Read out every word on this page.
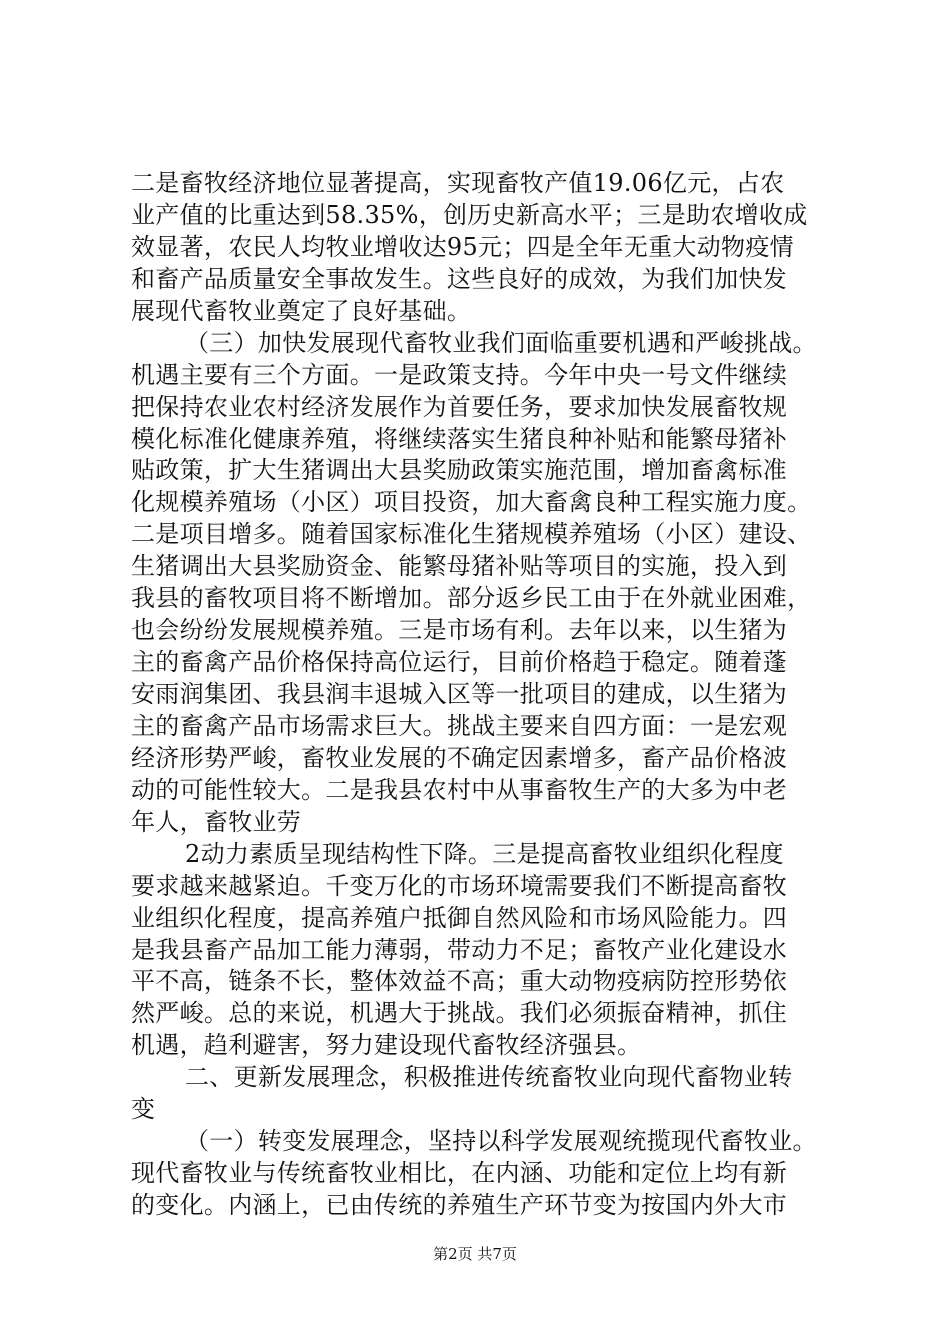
二是畜牧经济地位显著提高，实现畜牧产值19.06亿元，占农
业产值的比重达到58.35%，创历史新高水平；三是助农增收成
效显著，农民人均牧业增收达95元；四是全年无重大动物疫情
和畜产品质量安全事故发生。这些良好的成效，为我们加快发
展现代畜牧业奠定了良好基础。
（三）加快发展现代畜牧业我们面临重要机遇和严峻挑战。
机遇主要有三个方面。一是政策支持。今年中央一号文件继续
把保持农业农村经济发展作为首要任务，要求加快发展畜牧规
模化标准化健康养殖，将继续落实生猪良种补贴和能繁母猪补
贴政策，扩大生猪调出大县奖励政策实施范围，增加畜禽标准
化规模养殖场（小区）项目投资，加大畜禽良种工程实施力度。
二是项目增多。随着国家标准化生猪规模养殖场（小区）建设、
生猪调出大县奖励资金、能繁母猪补贴等项目的实施，投入到
我县的畜牧项目将不断增加。部分返乡民工由于在外就业困难，
也会纷纷发展规模养殖。三是市场有利。去年以来，以生猪为
主的畜禽产品价格保持高位运行，目前价格趋于稳定。随着蓬
安雨润集团、我县润丰退城入区等一批项目的建成，以生猪为
主的畜禽产品市场需求巨大。挑战主要来自四方面：一是宏观
经济形势严峻，畜牧业发展的不确定因素增多，畜产品价格波
动的可能性较大。二是我县农村中从事畜牧生产的大多为中老
年人，畜牧业劳
2动力素质呈现结构性下降。三是提高畜牧业组织化程度
要求越来越紧迫。千变万化的市场环境需要我们不断提高畜牧
业组织化程度，提高养殖户抵御自然风险和市场风险能力。四
是我县畜产品加工能力薄弱，带动力不足；畜牧产业化建设水
平不高，链条不长，整体效益不高；重大动物疫病防控形势依
然严峻。总的来说，机遇大于挑战。我们必须振奋精神，抓住
机遇，趋利避害，努力建设现代畜牧经济强县。
二、更新发展理念，积极推进传统畜牧业向现代畜物业转
变
（一）转变发展理念，坚持以科学发展观统揽现代畜牧业。
现代畜牧业与传统畜牧业相比，在内涵、功能和定位上均有新
的变化。内涵上，已由传统的养殖生产环节变为按国内外大市
第2页 共7页
